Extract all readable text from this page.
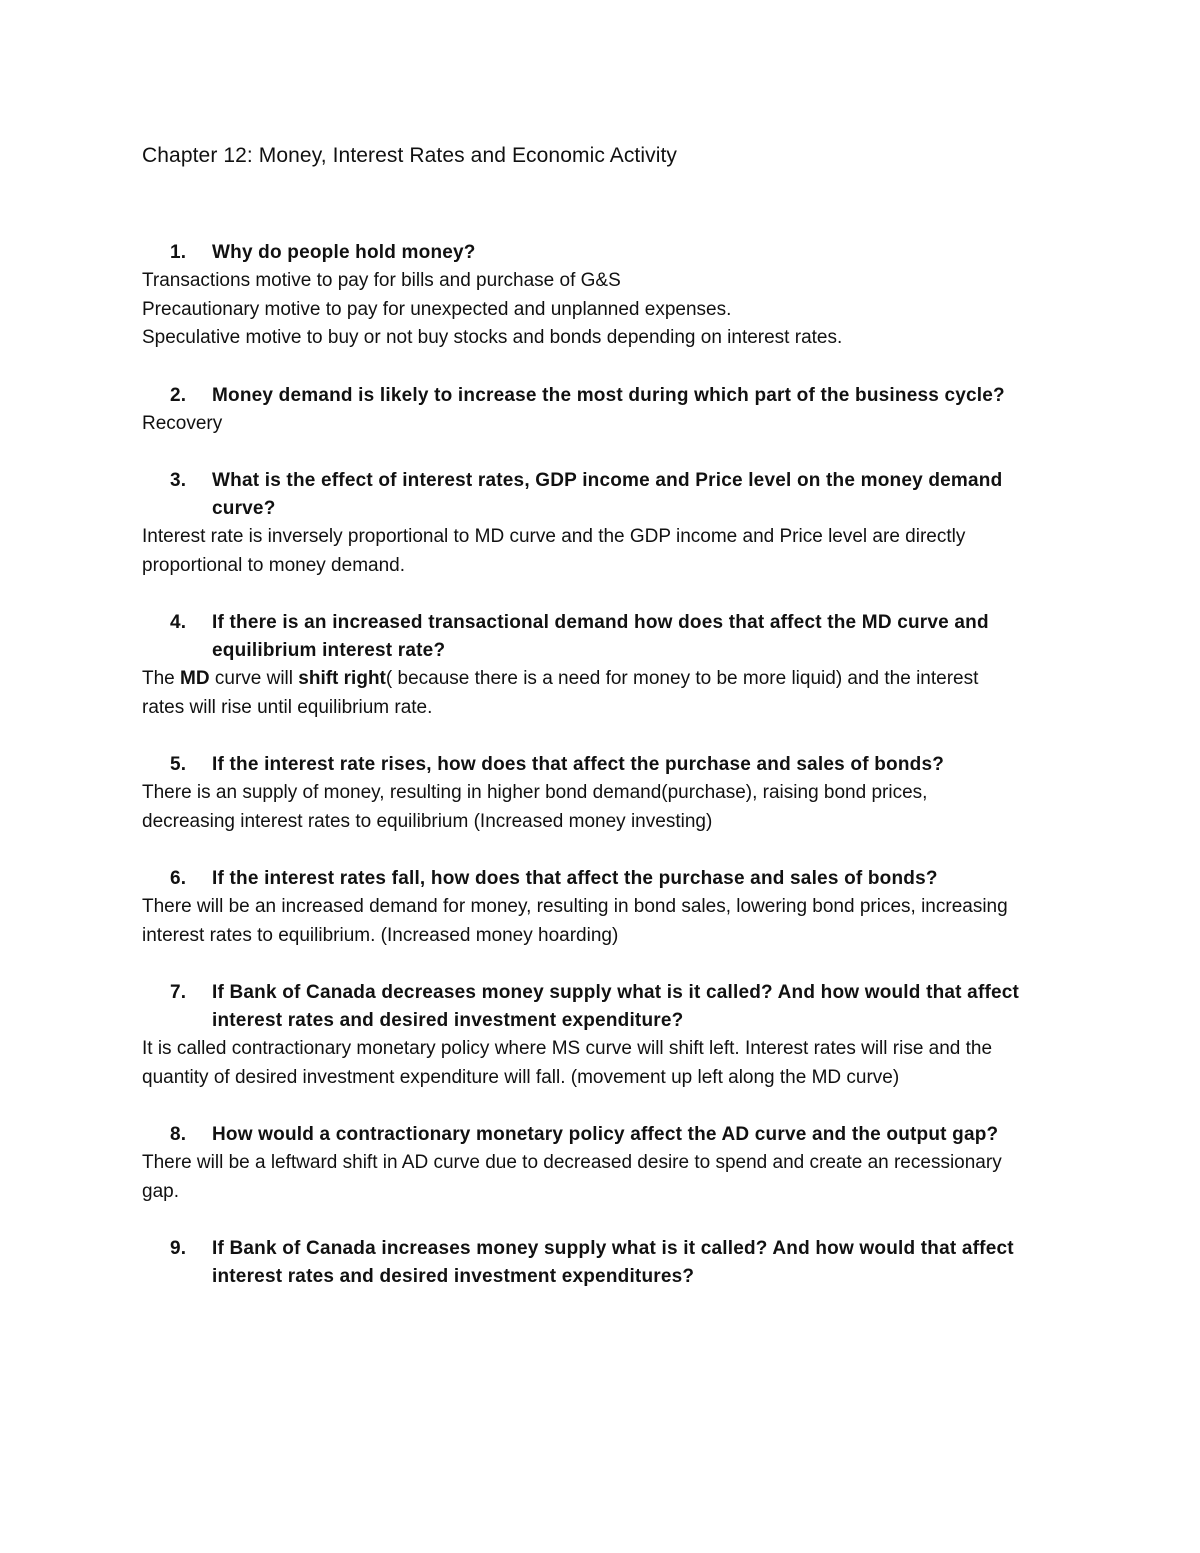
Chapter 12: Money, Interest Rates and Economic Activity
1.	Why do people hold money?

Transactions motive to pay for bills and purchase of G&S

Precautionary motive to pay for unexpected and unplanned expenses.

Speculative motive to buy or not buy stocks and bonds depending on interest rates.

2.	Money demand is likely to increase the most during which part of the business cycle?

Recovery

3.	What is the effect of interest rates, GDP income and Price level on the money demand curve?

Interest rate is inversely proportional to MD curve and the GDP income and Price level are directly proportional to money demand.

4.	If there is an increased transactional demand how does that affect the MD curve and equilibrium interest rate?

The MD curve will shift right( because there is a need for money to be more liquid) and the interest rates will rise until equilibrium rate.

5.	If the interest rate rises, how does that affect the purchase and sales of bonds?

There is an supply of money, resulting in higher bond demand(purchase), raising bond prices, decreasing interest rates to equilibrium (Increased money investing)

6.	If the interest rates fall, how does that affect the purchase and sales of bonds?

There will be an increased demand for money, resulting in bond sales, lowering bond prices, increasing interest rates to equilibrium. (Increased money hoarding)

7.	If Bank of Canada decreases money supply what is it called? And how would that affect interest rates and desired investment expenditure?

It is called contractionary monetary policy where MS curve will shift left. Interest rates will rise and the quantity of desired investment expenditure will fall. (movement up left along the MD curve)

8.	How would a contractionary monetary policy affect the AD curve and the output gap?

There will be a leftward shift in AD curve due to decreased desire to spend and create an recessionary gap.

9.	If Bank of Canada increases money supply what is it called? And how would that affect interest rates and desired investment expenditures?
